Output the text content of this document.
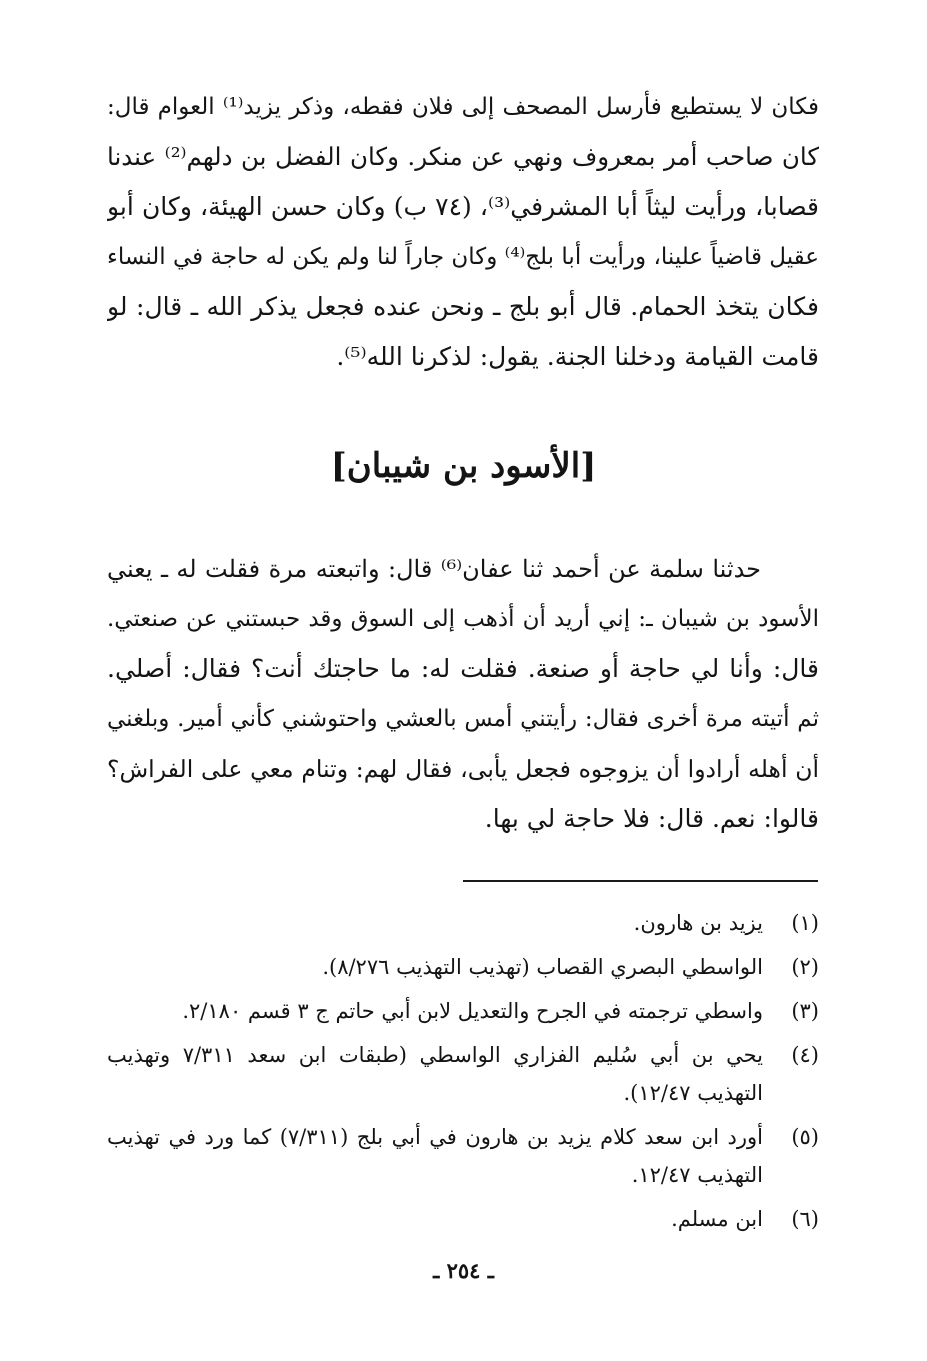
فكان لا يستطيع فأرسل المصحف إلى فلان فقطه، وذكر يزيد⁽¹⁾ العوام قال:
كان صاحب أمر بمعروف ونهي عن منكر. وكان الفضل بن دلهم⁽²⁾ عندنا
قصابا، ورأيت ليثاً أبا المشرفي⁽³⁾، (٧٤ ب) وكان حسن الهيئة، وكان أبو
عقيل قاضياً علينا، ورأيت أبا بلج⁽⁴⁾ وكان جاراً لنا ولم يكن له حاجة في النساء
فكان يتخذ الحمام. قال أبو بلج ـ ونحن عنده فجعل يذكر الله ـ قال: لو
قامت القيامة ودخلنا الجنة. يقول: لذكرنا الله⁽⁵⁾.
[الأسود بن شيبان]
حدثنا سلمة عن أحمد ثنا عفان⁽⁶⁾ قال: واتبعته مرة فقلت له ـ يعني
الأسود بن شيبان ـ: إني أريد أن أذهب إلى السوق وقد حبستني عن صنعتي.
قال: وأنا لي حاجة أو صنعة. فقلت له: ما حاجتك أنت؟ فقال: أصلي.
ثم أتيته مرة أخرى فقال: رأيتني أمس بالعشي واحتوشني كأني أمير. وبلغني
أن أهله أرادوا أن يزوجوه فجعل يأبى، فقال لهم: وتنام معي على الفراش؟
قالوا: نعم. قال: فلا حاجة لي بها.
(١)
يزيد بن هارون.
(٢)
الواسطي البصري القصاب (تهذيب التهذيب ٨/٢٧٦).
(٣)
واسطي ترجمته في الجرح والتعديل لابن أبي حاتم ج ٣ قسم ٢/١٨٠.
(٤)
يحي بن أبي سُليم الفزاري الواسطي (طبقات ابن سعد ٧/٣١١ وتهذيب
التهذيب ١٢/٤٧).
(٥)
أورد ابن سعد كلام يزيد بن هارون في أبي بلج (٧/٣١١) كما ورد في تهذيب
التهذيب ١٢/٤٧.
(٦)
ابن مسلم.
ـ ٢٥٤ ـ
